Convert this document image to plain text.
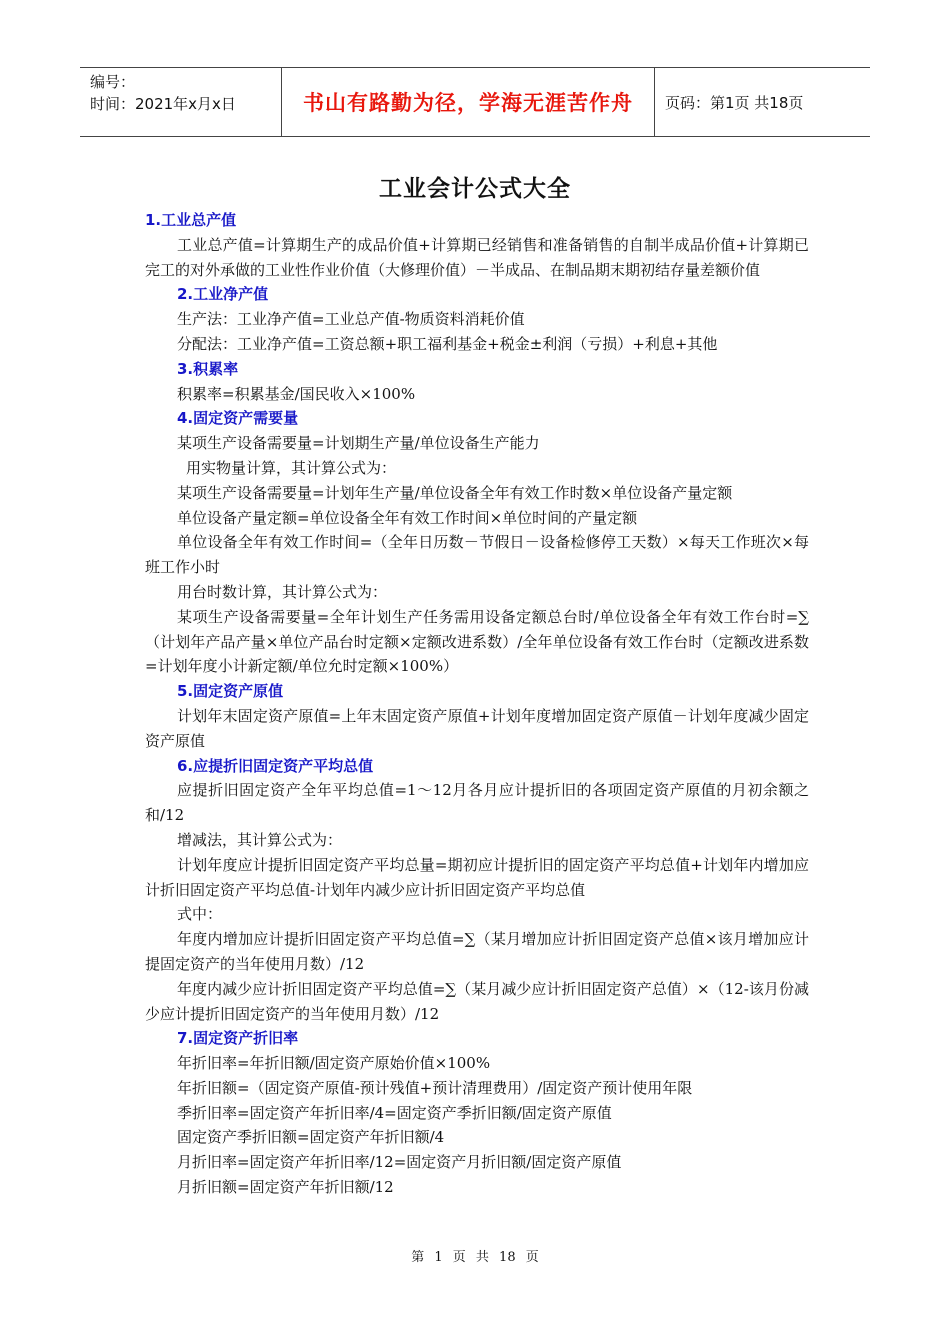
编号：
时间：2021年x月x日	书山有路勤为径，学海无涯苦作舟	页码：第1页 共18页
工业会计公式大全
1.工业总产值
工业总产值=计算期生产的成品价值+计算期已经销售和准备销售的自制半成品价值+计算期已完工的对外承做的工业性作业价值（大修理价值）－半成品、在制品期末期初结存量差额价值
2.工业净产值
生产法：工业净产值=工业总产值-物质资料消耗价值
分配法：工业净产值=工资总额+职工福利基金+税金±利润（亏损）+利息+其他
3.积累率
积累率=积累基金/国民收入×100%
4.固定资产需要量
某项生产设备需要量=计划期生产量/单位设备生产能力
用实物量计算，其计算公式为：
某项生产设备需要量=计划年生产量/单位设备全年有效工作时数×单位设备产量定额
单位设备产量定额=单位设备全年有效工作时间×单位时间的产量定额
单位设备全年有效工作时间=（全年日历数－节假日－设备检修停工天数）×每天工作班次×每班工作小时
用台时数计算，其计算公式为：
某项生产设备需要量=全年计划生产任务需用设备定额总台时/单位设备全年有效工作台时=∑（计划年产品产量×单位产品台时定额×定额改进系数）/全年单位设备有效工作台时（定额改进系数=计划年度小计新定额/单位允时定额×100%）
5.固定资产原值
计划年末固定资产原值=上年末固定资产原值+计划年度增加固定资产原值－计划年度减少固定资产原值
6.应提折旧固定资产平均总值
应提折旧固定资产全年平均总值=1～12月各月应计提折旧的各项固定资产原值的月初余额之和/12
增减法，其计算公式为：
计划年度应计提折旧固定资产平均总量=期初应计提折旧的固定资产平均总值+计划年内增加应计折旧固定资产平均总值-计划年内减少应计折旧固定资产平均总值
式中：
年度内增加应计提折旧固定资产平均总值=∑（某月增加应计折旧固定资产总值×该月增加应计提固定资产的当年使用月数）/12
年度内减少应计折旧固定资产平均总值=∑（某月减少应计折旧固定资产总值）×（12-该月份减少应计提折旧固定资产的当年使用月数）/12
7.固定资产折旧率
年折旧率=年折旧额/固定资产原始价值×100%
年折旧额=（固定资产原值-预计残值+预计清理费用）/固定资产预计使用年限
季折旧率=固定资产年折旧率/4=固定资产季折旧额/固定资产原值
固定资产季折旧额=固定资产年折旧额/4
月折旧率=固定资产年折旧率/12=固定资产月折旧额/固定资产原值
月折旧额=固定资产年折旧额/12
第 1 页 共 18 页
